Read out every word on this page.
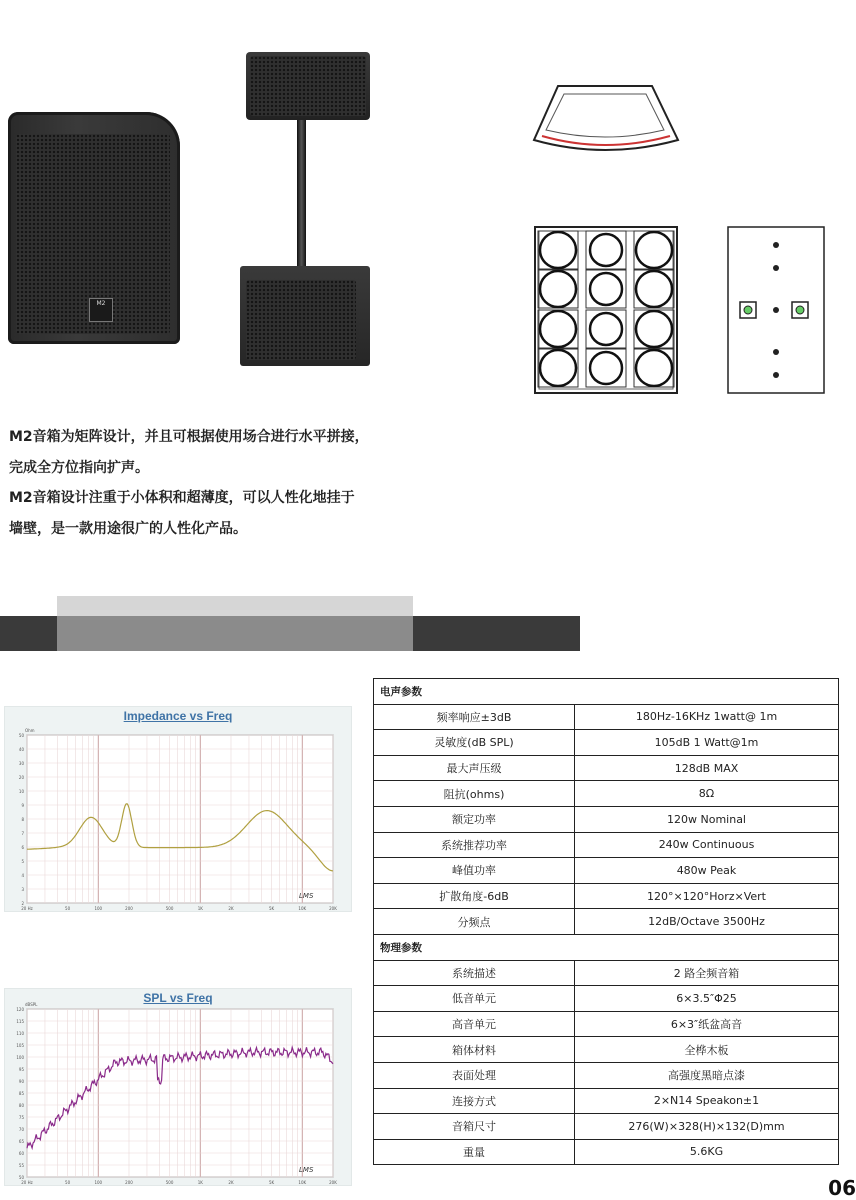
M2

M2音箱为矩阵设计，并且可根据使用场合进行水平拼接，

完成全方位指向扩声。

M2音箱设计注重于小体积和超薄度，可以人性化地挂于

墙壁，是一款用途很广的人性化产品。

Impedance vs Freq
50
40
30
20
10
9
8
7
6
5
4
3
2
Ohm
20 Hz	50	100	200	500	1K	2K	5K	10K	20K
LMS
SPL vs Freq
120
115
110
105
100
95
90
85
80
75
70
65
60
55
50
dBSPL
20 Hz	50	100	200	500	1K	2K	5K	10K	20K
LMS
电声参数	
频率响应±3dB	180Hz-16KHz 1watt@ 1m
灵敏度(dB SPL)	105dB 1 Watt@1m
最大声压级	128dB MAX
阻抗(ohms)	8Ω
额定功率	120w Nominal
系统推荐功率	240w Continuous
峰值功率	480w Peak
扩散角度-6dB	120°×120°Horz×Vert
分频点	12dB/Octave 3500Hz
物理参数	
系统描述	2 路全频音箱
低音单元	6×3.5″Φ25
高音单元	6×3″纸盆高音
箱体材料	全桦木板
表面处理	高强度黑暗点漆
连接方式	2×N14 Speakon±1
音箱尺寸	276(W)×328(H)×132(D)mm
重量	5.6KG
06
